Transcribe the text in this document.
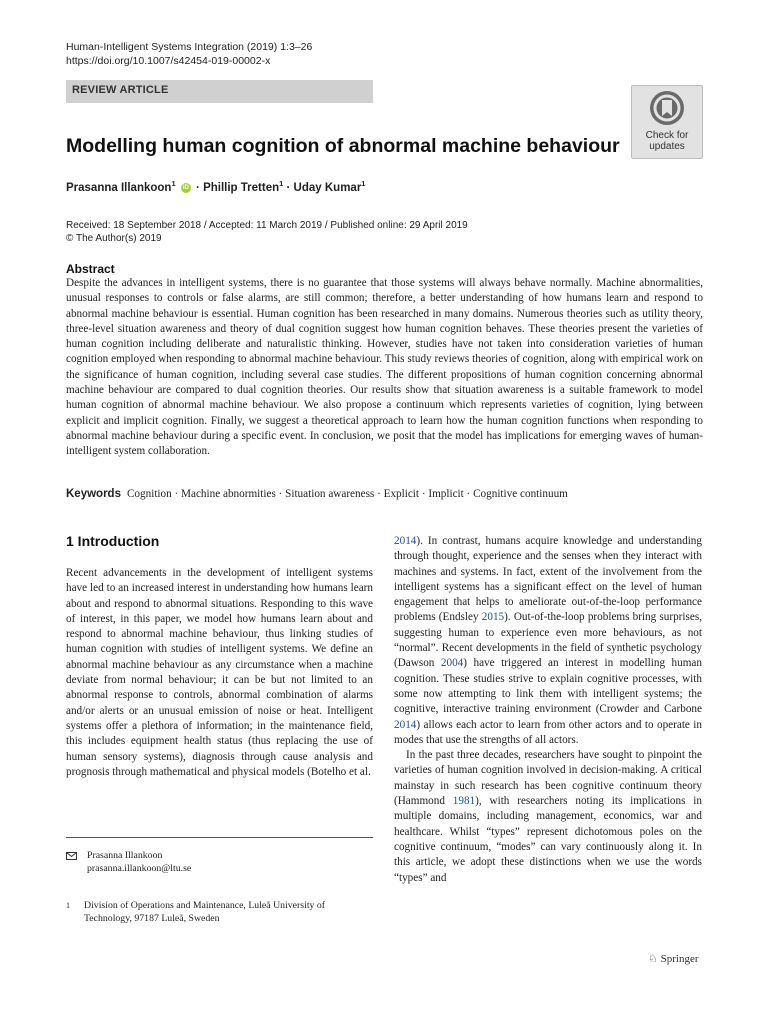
Human-Intelligent Systems Integration (2019) 1:3–26
https://doi.org/10.1007/s42454-019-00002-x
REVIEW ARTICLE
Check for
updates
Modelling human cognition of abnormal machine behaviour
Prasanna Illankoon$^1$ iD · Phillip Tretten$^1$ · Uday Kumar$^1$
Received: 18 September 2018 / Accepted: 11 March 2019 / Published online: 29 April 2019
© The Author(s) 2019
Abstract
Despite the advances in intelligent systems, there is no guarantee that those systems will always behave normally. Machine abnormalities, unusual responses to controls or false alarms, are still common; therefore, a better understanding of how humans learn and respond to abnormal machine behaviour is essential. Human cognition has been researched in many domains. Numerous theories such as utility theory, three-level situation awareness and theory of dual cognition suggest how human cognition behaves. These theories present the varieties of human cognition including deliberate and naturalistic thinking. However, studies have not taken into consideration varieties of human cognition employed when responding to abnormal machine behaviour. This study reviews theories of cognition, along with empirical work on the significance of human cognition, including several case studies. The different propositions of human cognition concerning abnormal machine behaviour are compared to dual cognition theories. Our results show that situation awareness is a suitable framework to model human cognition of abnormal machine behaviour. We also propose a continuum which represents varieties of cognition, lying between explicit and implicit cognition. Finally, we suggest a theoretical approach to learn how the human cognition functions when responding to abnormal machine behaviour during a specific event. In conclusion, we posit that the model has implications for emerging waves of human-intelligent system collaboration.
Keywords Cognition · Machine abnormities · Situation awareness · Explicit · Implicit · Cognitive continuum
1 Introduction

Recent advancements in the development of intelligent systems have led to an increased interest in understanding how humans learn about and respond to abnormal situations. Responding to this wave of interest, in this paper, we model how humans learn about and respond to abnormal machine behaviour, thus linking studies of human cognition with studies of intelligent systems. We define an abnormal machine behaviour as any circumstance when a machine deviate from normal behaviour; it can be but not limited to an abnormal response to controls, abnormal combination of alarms and/or alerts or an unusual emission of noise or heat. Intelligent systems offer a plethora of information; in the maintenance field, this includes equipment health status (thus replacing the use of human sensory systems), diagnosis through cause analysis and prognosis through mathematical and physical models (Botelho et al.

2014). In contrast, humans acquire knowledge and understanding through thought, experience and the senses when they interact with machines and systems. In fact, extent of the involvement from the intelligent systems has a significant effect on the level of human engagement that helps to ameliorate out-of-the-loop performance problems (Endsley 2015). Out-of-the-loop problems bring surprises, suggesting human to experience even more behaviours, as not “normal”. Recent developments in the field of synthetic psychology (Dawson 2004) have triggered an interest in modelling human cognition. These studies strive to explain cognitive processes, with some now attempting to link them with intelligent systems; the cognitive, interactive training environment (Crowder and Carbone 2014) allows each actor to learn from other actors and to operate in modes that use the strengths of all actors.

In the past three decades, researchers have sought to pinpoint the varieties of human cognition involved in decision-making. A critical mainstay in such research has been cognitive continuum theory (Hammond 1981), with researchers noting its implications in multiple domains, including management, economics, war and healthcare. Whilst “types” represent dichotomous poles on the cognitive continuum, “modes” can vary continuously along it. In this article, we adopt these distinctions when we use the words “types” and

Prasanna Illankoon
prasanna.illankoon@ltu.se
1 Division of Operations and Maintenance, Luleå University of Technology, 97187 Luleå, Sweden
♘ Springer
